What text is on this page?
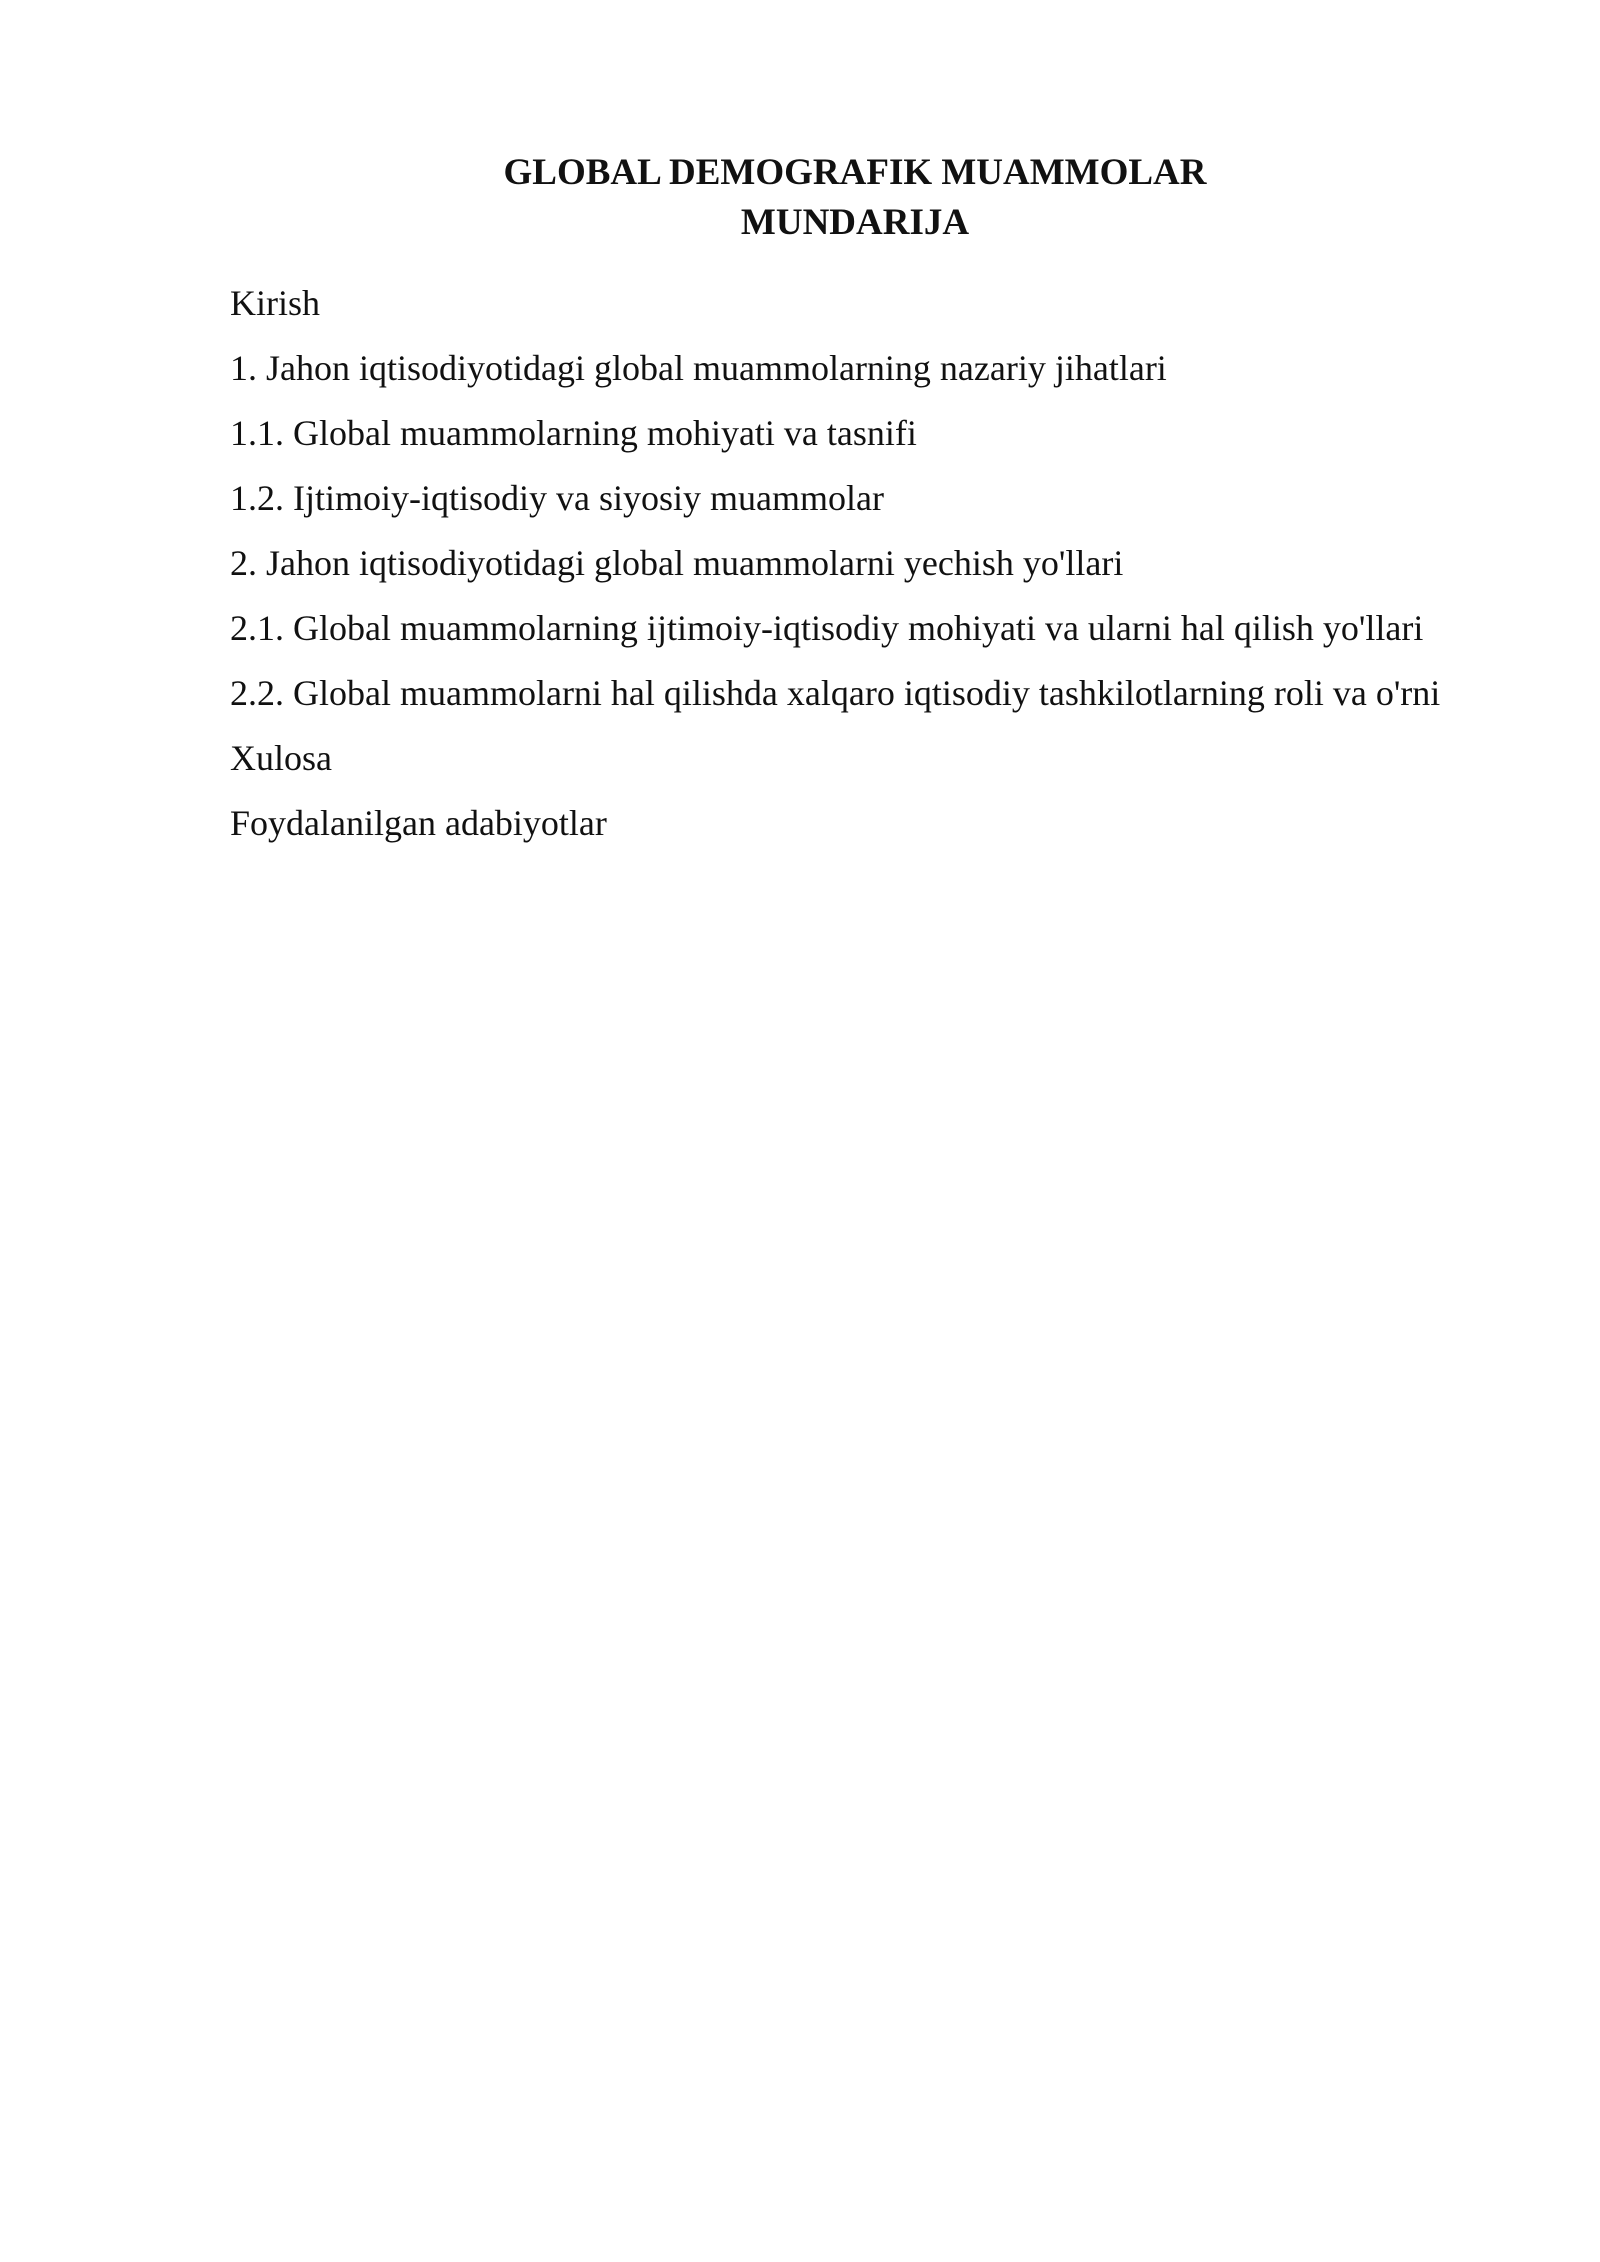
GLOBAL DEMOGRAFIK MUAMMOLAR
MUNDARIJA
Kirish
1. Jahon iqtisodiyotidagi global muammolarning nazariy jihatlari
1.1. Global muammolarning mohiyati va tasnifi
1.2. Ijtimoiy-iqtisodiy va siyosiy muammolar
2. Jahon iqtisodiyotidagi global muammolarni yechish yo'llari
2.1. Global muammolarning ijtimoiy-iqtisodiy mohiyati va ularni hal qilish yo'llari
2.2. Global muammolarni hal qilishda xalqaro iqtisodiy tashkilotlarning roli va o'rni
Xulosa
Foydalanilgan adabiyotlar
